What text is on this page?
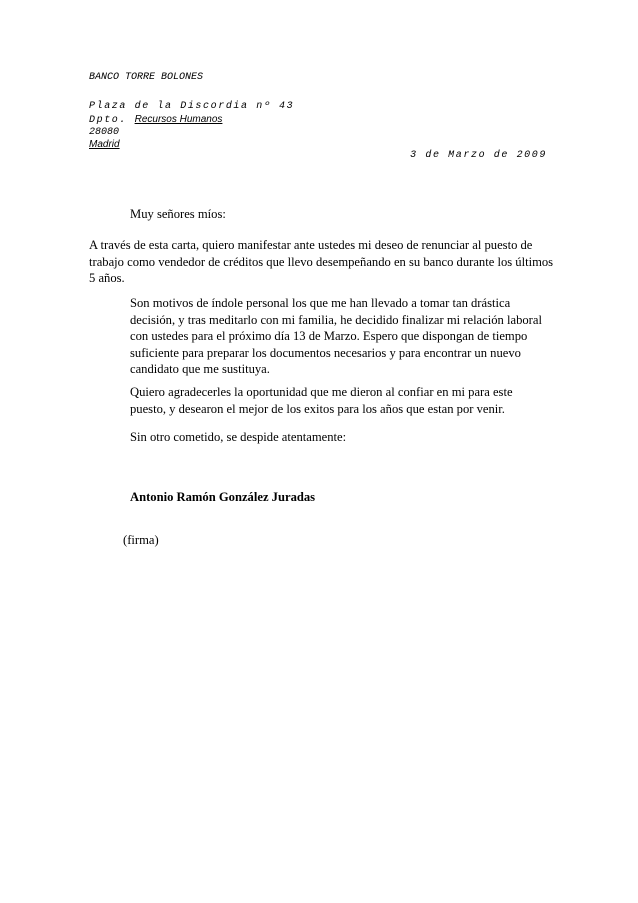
BANCO TORRE BOLONES

Plaza de la Discordia nº 43

Dpto. Recursos Humanos

28080

Madrid

3 de Marzo de 2009

Muy señores míos:

A través de esta carta, quiero manifestar ante ustedes mi deseo de renunciar al puesto de trabajo como vendedor de créditos que llevo desempeñando en su banco durante los últimos 5 años.

Son motivos de índole personal los que me han llevado a tomar tan drástica decisión, y tras meditarlo con mi familia, he decidido finalizar mi relación laboral con ustedes para el próximo día 13 de Marzo. Espero que dispongan de tiempo suficiente para preparar los documentos necesarios y para encontrar un nuevo candidato que me sustituya.

Quiero agradecerles la oportunidad que me dieron al confiar en mi para este puesto, y desearon el mejor de los exitos para los años que estan por venir.

Sin otro cometido, se despide atentamente:

Antonio Ramón González Juradas

(firma)
